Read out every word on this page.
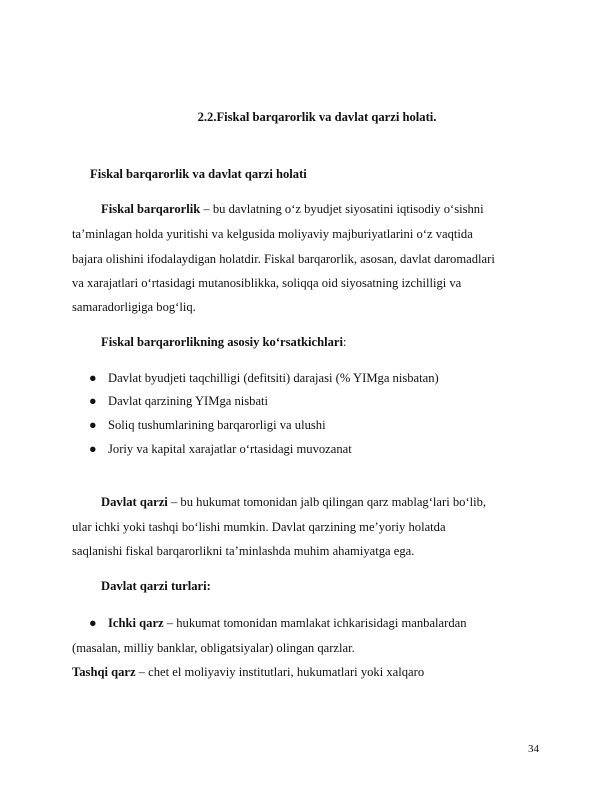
2.2.Fiskal barqarorlik va davlat qarzi holati.
Fiskal barqarorlik va davlat qarzi holati
Fiskal barqarorlik – bu davlatning o‘z byudjet siyosatini iqtisodiy o‘sishni
ta’minlagan holda yuritishi va kelgusida moliyaviy majburiyatlarini o‘z vaqtida
bajara olishini ifodalaydigan holatdir. Fiskal barqarorlik, asosan, davlat daromadlari
va xarajatlari o‘rtasidagi mutanosiblikka, soliqqa oid siyosatning izchilligi va
samaradorligiga bog‘liq.
Fiskal barqarorlikning asosiy ko‘rsatkichlari:
● Davlat byudjeti taqchilligi (defitsiti) darajasi (% YIMga nisbatan)
● Davlat qarzining YIMga nisbati
● Soliq tushumlarining barqarorligi va ulushi
● Joriy va kapital xarajatlar o‘rtasidagi muvozanat
Davlat qarzi – bu hukumat tomonidan jalb qilingan qarz mablag‘lari bo‘lib,
ular ichki yoki tashqi bo‘lishi mumkin. Davlat qarzining me’yoriy holatda
saqlanishi fiskal barqarorlikni ta’minlashda muhim ahamiyatga ega.
Davlat qarzi turlari:
● Ichki qarz – hukumat tomonidan mamlakat ichkarisidagi manbalardan
(masalan, milliy banklar, obligatsiyalar) olingan qarzlar.
Tashqi qarz – chet el moliyaviy institutlari, hukumatlari yoki xalqaro
34
